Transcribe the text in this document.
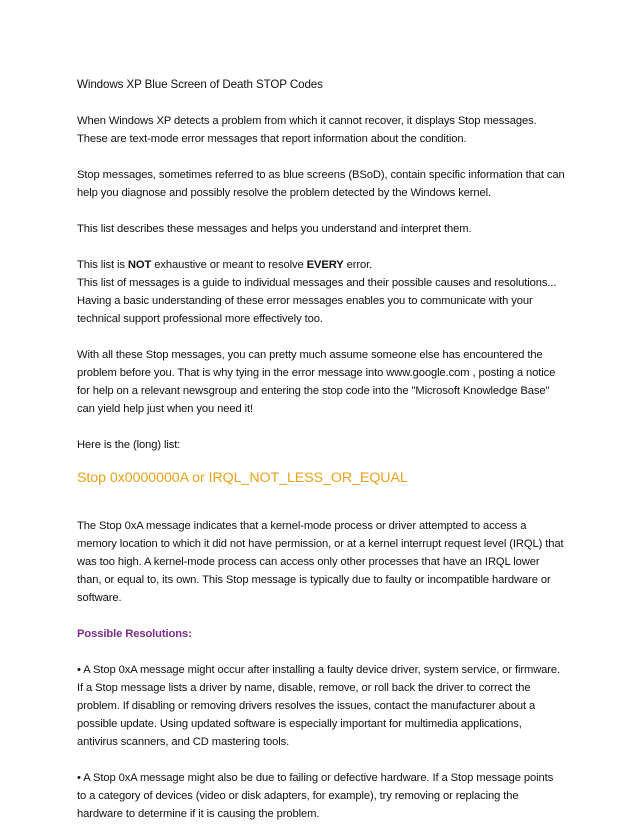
Windows XP Blue Screen of Death STOP Codes

When Windows XP detects a problem from which it cannot recover, it displays Stop messages. These are text-mode error messages that report information about the condition.

Stop messages, sometimes referred to as blue screens (BSoD), contain specific information that can help you diagnose and possibly resolve the problem detected by the Windows kernel.

This list describes these messages and helps you understand and interpret them.

This list is NOT exhaustive or meant to resolve EVERY error.
This list of messages is a guide to individual messages and their possible causes and resolutions... Having a basic understanding of these error messages enables you to communicate with your technical support professional more effectively too.

With all these Stop messages, you can pretty much assume someone else has encountered the problem before you. That is why tying in the error message into www.google.com , posting a notice for help on a relevant newsgroup and entering the stop code into the "Microsoft Knowledge Base" can yield help just when you need it!

Here is the (long) list:

Stop 0x0000000A or IRQL_NOT_LESS_OR_EQUAL

The Stop 0xA message indicates that a kernel-mode process or driver attempted to access a memory location to which it did not have permission, or at a kernel interrupt request level (IRQL) that was too high. A kernel-mode process can access only other processes that have an IRQL lower than, or equal to, its own. This Stop message is typically due to faulty or incompatible hardware or software.

Possible Resolutions:

• A Stop 0xA message might occur after installing a faulty device driver, system service, or firmware. If a Stop message lists a driver by name, disable, remove, or roll back the driver to correct the problem. If disabling or removing drivers resolves the issues, contact the manufacturer about a possible update. Using updated software is especially important for multimedia applications, antivirus scanners, and CD mastering tools.

• A Stop 0xA message might also be due to failing or defective hardware. If a Stop message points to a category of devices (video or disk adapters, for example), try removing or replacing the hardware to determine if it is causing the problem.
